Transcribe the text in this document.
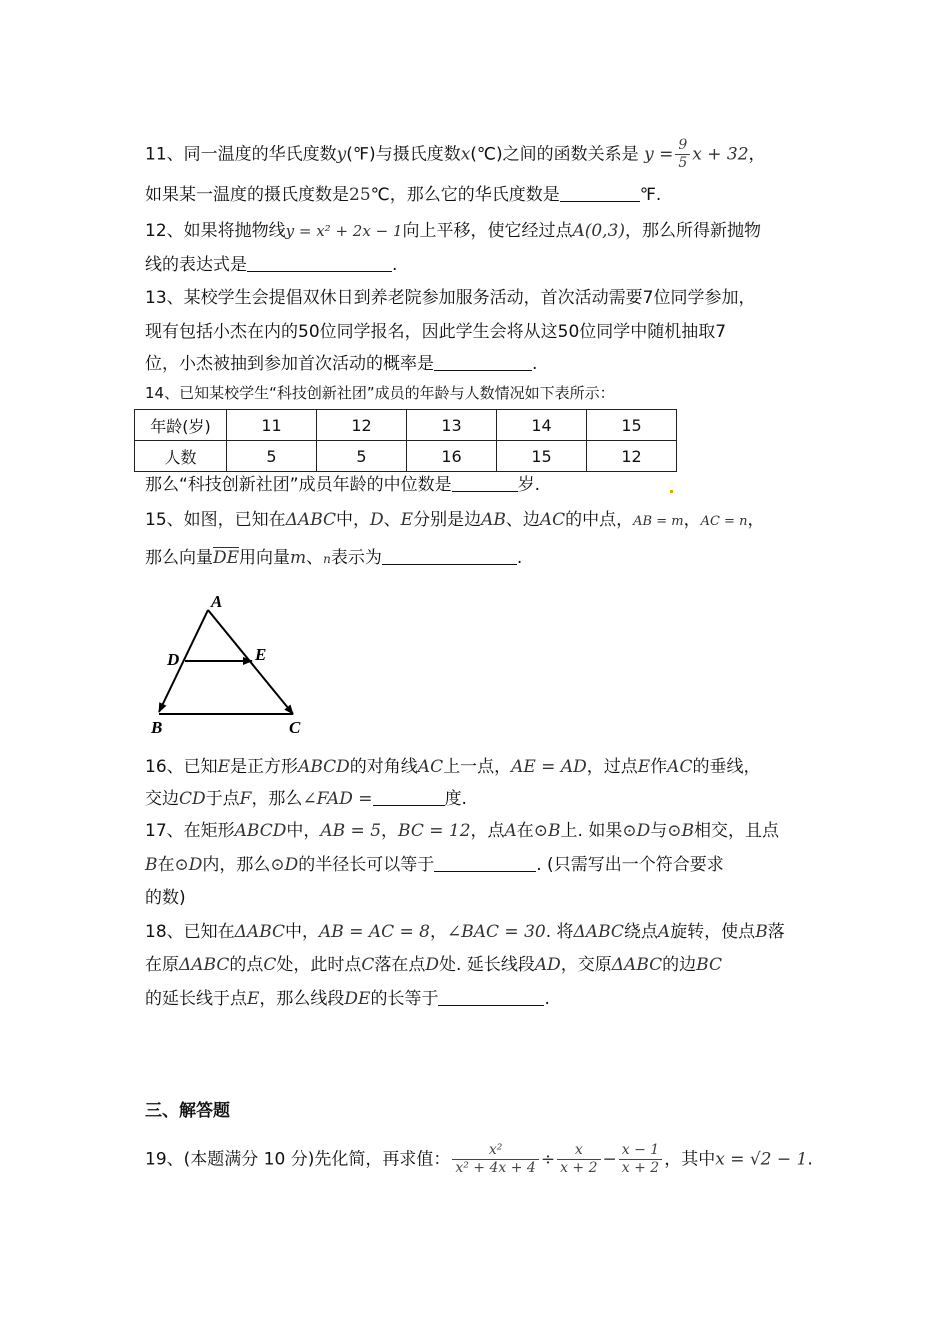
11、同一温度的华氏度数y(℉)与摄氏度数x(℃)之间的函数关系是 $y = \frac{9}{5}$ x + 32，
如果某一温度的摄氏度数是25℃，那么它的华氏度数是	℉.
12、如果将抛物线y = x² + 2x − 1向上平移，使它经过点A(0,3)，那么所得新抛物
线的表达式是	.
13、某校学生会提倡双休日到养老院参加服务活动，首次活动需要7位同学参加，
现有包括小杰在内的50位同学报名，因此学生会将从这50位同学中随机抽取7
位，小杰被抽到参加首次活动的概率是	.
14、已知某校学生“科技创新社团”成员的年龄与人数情况如下表所示：
年龄(岁)	11	12	13	14	15
人数	5	5	16	15	12
那么“科技创新社团”成员年龄的中位数是	岁.
15、如图，已知在ΔABC中，D、E分别是边AB、边AC的中点，AB = m，AC = n，
那么向量$\overline{DE}$用向量m、n表示为	.
A
D	E
B	C
16、已知E是正方形ABCD的对角线AC上一点，AE = AD，过点E作AC的垂线，
交边CD于点F，那么∠FAD =	度.
17、在矩形ABCD中，AB = 5，BC = 12，点A在⊙B上. 如果⊙D与⊙B相交，且点
B在⊙D内，那么⊙D的半径长可以等于	. (只需写出一个符合要求
的数)
18、已知在ΔABC中，AB = AC = 8，∠BAC = 30. 将ΔABC绕点A旋转，使点B落
在原ΔABC的点C处，此时点C落在点D处. 延长线段AD，交原ΔABC的边BC
的延长线于点E，那么线段DE的长等于	.
三、解答题
19、(本题满分 10 分)先化简，再求值： $\frac{\text{x²}}{\text{x² + 4x + 4}} \div \frac{x}{x + 2} - \frac{x - 1}{x + 2}$ ，其中x = √2 − 1.
